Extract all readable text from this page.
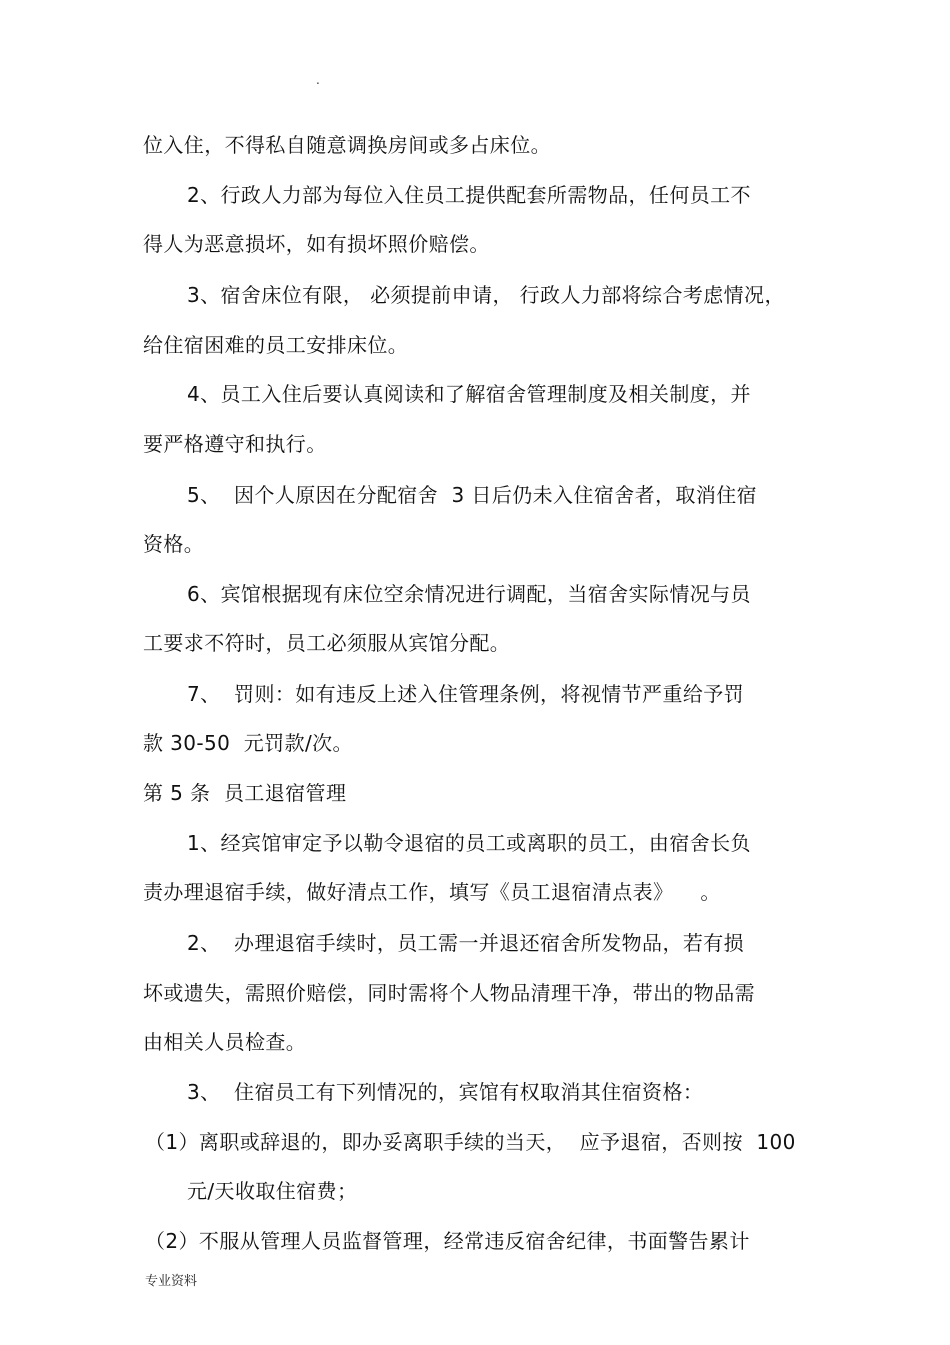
.
位入住，不得私自随意调换房间或多占床位。
2、行政人力部为每位入住员工提供配套所需物品，任何员工不
得人为恶意损坏，如有损坏照价赔偿。
3、宿舍床位有限， 必须提前申请， 行政人力部将综合考虑情况，
给住宿困难的员工安排床位。
4、员工入住后要认真阅读和了解宿舍管理制度及相关制度，并
要严格遵守和执行。
5、  因个人原因在分配宿舍  3 日后仍未入住宿舍者，取消住宿
资格。
6、宾馆根据现有床位空余情况进行调配，当宿舍实际情况与员
工要求不符时，员工必须服从宾馆分配。
7、  罚则：如有违反上述入住管理条例，将视情节严重给予罚
款 30-50  元罚款/次。
第 5 条  员工退宿管理
1、经宾馆审定予以勒令退宿的员工或离职的员工，由宿舍长负
责办理退宿手续，做好清点工作，填写《员工退宿清点表》    。
2、  办理退宿手续时，员工需一并退还宿舍所发物品，若有损
坏或遗失，需照价赔偿，同时需将个人物品清理干净，带出的物品需
由相关人员检查。
3、  住宿员工有下列情况的，宾馆有权取消其住宿资格：
（1）离职或辞退的，即办妥离职手续的当天，  应予退宿，否则按  100
元/天收取住宿费；
（2）不服从管理人员监督管理，经常违反宿舍纪律，书面警告累计
专业资料
